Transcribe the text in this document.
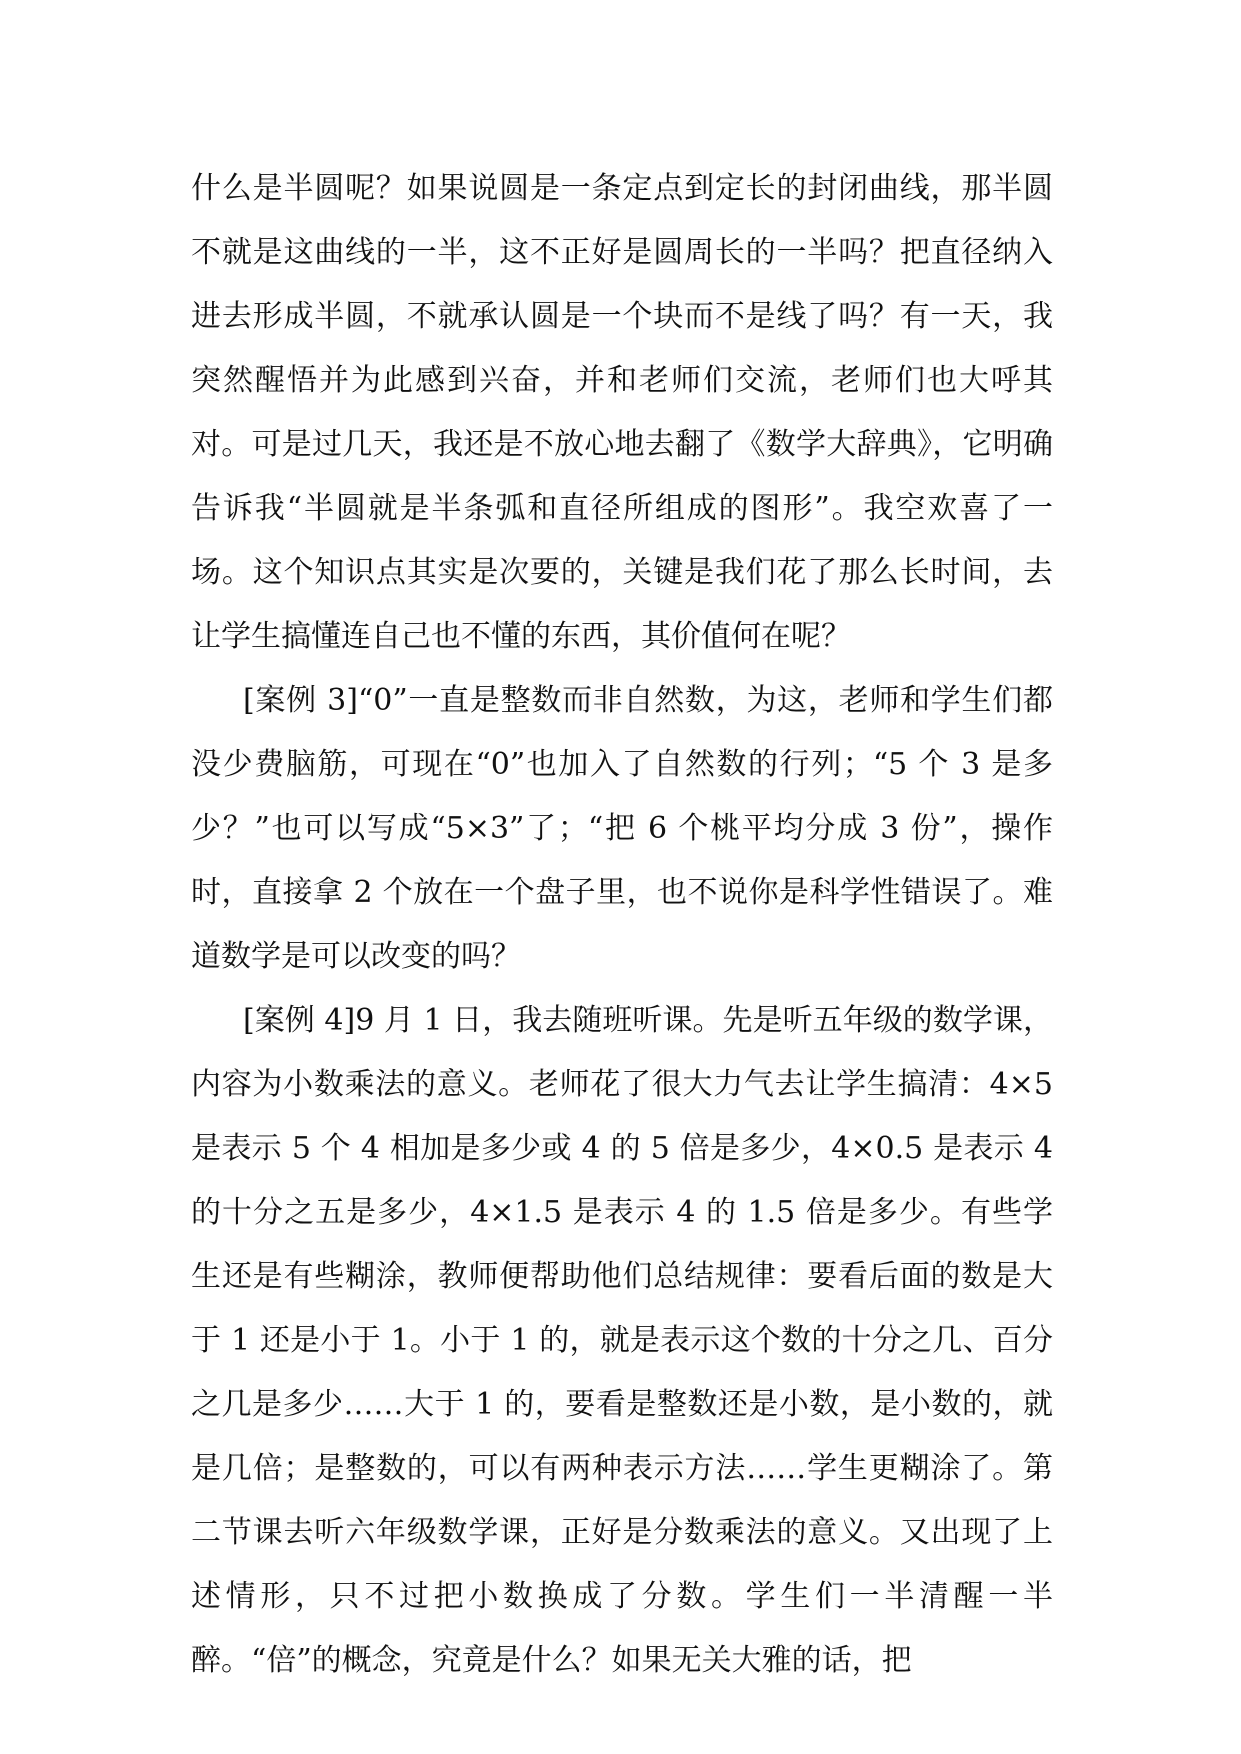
什么是半圆呢？如果说圆是一条定点到定长的封闭曲线，那半圆不就是这曲线的一半，这不正好是圆周长的一半吗？把直径纳入进去形成半圆，不就承认圆是一个块而不是线了吗？有一天，我突然醒悟并为此感到兴奋，并和老师们交流，老师们也大呼其对。可是过几天，我还是不放心地去翻了《数学大辞典》，它明确告诉我“半圆就是半条弧和直径所组成的图形”。我空欢喜了一场。这个知识点其实是次要的，关键是我们花了那么长时间，去让学生搞懂连自己也不懂的东西，其价值何在呢？

[案例 3]“0”一直是整数而非自然数，为这，老师和学生们都没少费脑筋，可现在“0”也加入了自然数的行列；“5 个 3 是多少？”也可以写成“5×3”了；“把 6 个桃平均分成 3 份”，操作时，直接拿 2 个放在一个盘子里，也不说你是科学性错误了。难道数学是可以改变的吗？

[案例 4]9 月 1 日，我去随班听课。先是听五年级的数学课，内容为小数乘法的意义。老师花了很大力气去让学生搞清：4×5 是表示 5 个 4 相加是多少或 4 的 5 倍是多少，4×0.5 是表示 4 的十分之五是多少，4×1.5 是表示 4 的 1.5 倍是多少。有些学生还是有些糊涂，教师便帮助他们总结规律：要看后面的数是大于 1 还是小于 1。小于 1 的，就是表示这个数的十分之几、百分之几是多少……大于 1 的，要看是整数还是小数，是小数的，就是几倍；是整数的，可以有两种表示方法……学生更糊涂了。第二节课去听六年级数学课，正好是分数乘法的意义。又出现了上述情形，只不过把小数换成了分数。学生们一半清醒一半醉。“倍”的概念，究竟是什么？如果无关大雅的话，把
